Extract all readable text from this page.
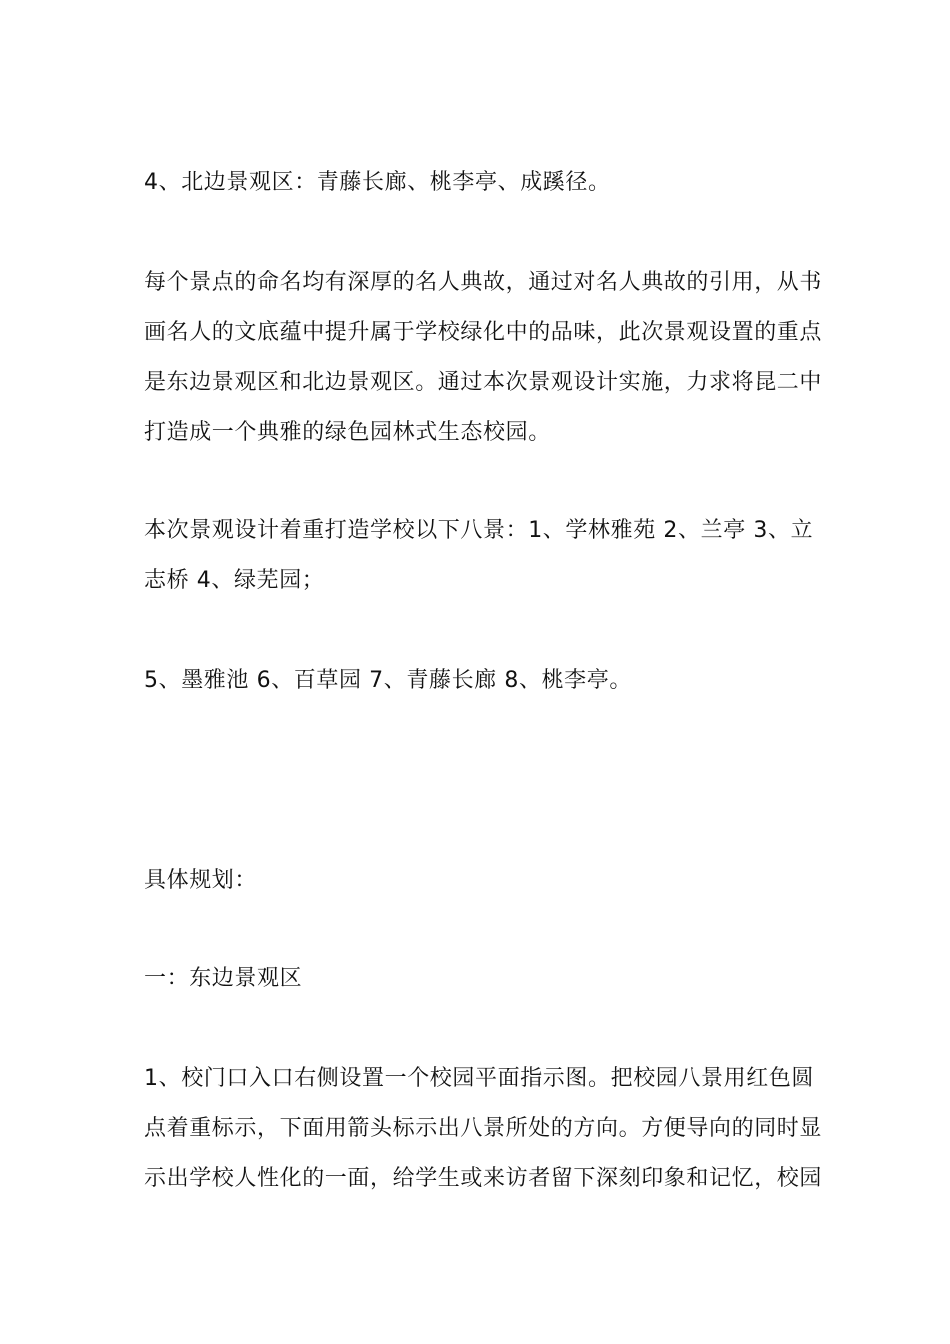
4、北边景观区：青藤长廊、桃李亭、成蹊径。
每个景点的命名均有深厚的名人典故，通过对名人典故的引用，从书
画名人的文底蕴中提升属于学校绿化中的品味，此次景观设置的重点
是东边景观区和北边景观区。通过本次景观设计实施，力求将昆二中
打造成一个典雅的绿色园林式生态校园。
本次景观设计着重打造学校以下八景：1、学林雅苑 2、兰亭 3、立
志桥 4、绿芜园；
5、墨雅池 6、百草园 7、青藤长廊 8、桃李亭。
具体规划：
一：东边景观区
1、校门口入口右侧设置一个校园平面指示图。把校园八景用红色圆
点着重标示，下面用箭头标示出八景所处的方向。方便导向的同时显
示出学校人性化的一面，给学生或来访者留下深刻印象和记忆，校园
